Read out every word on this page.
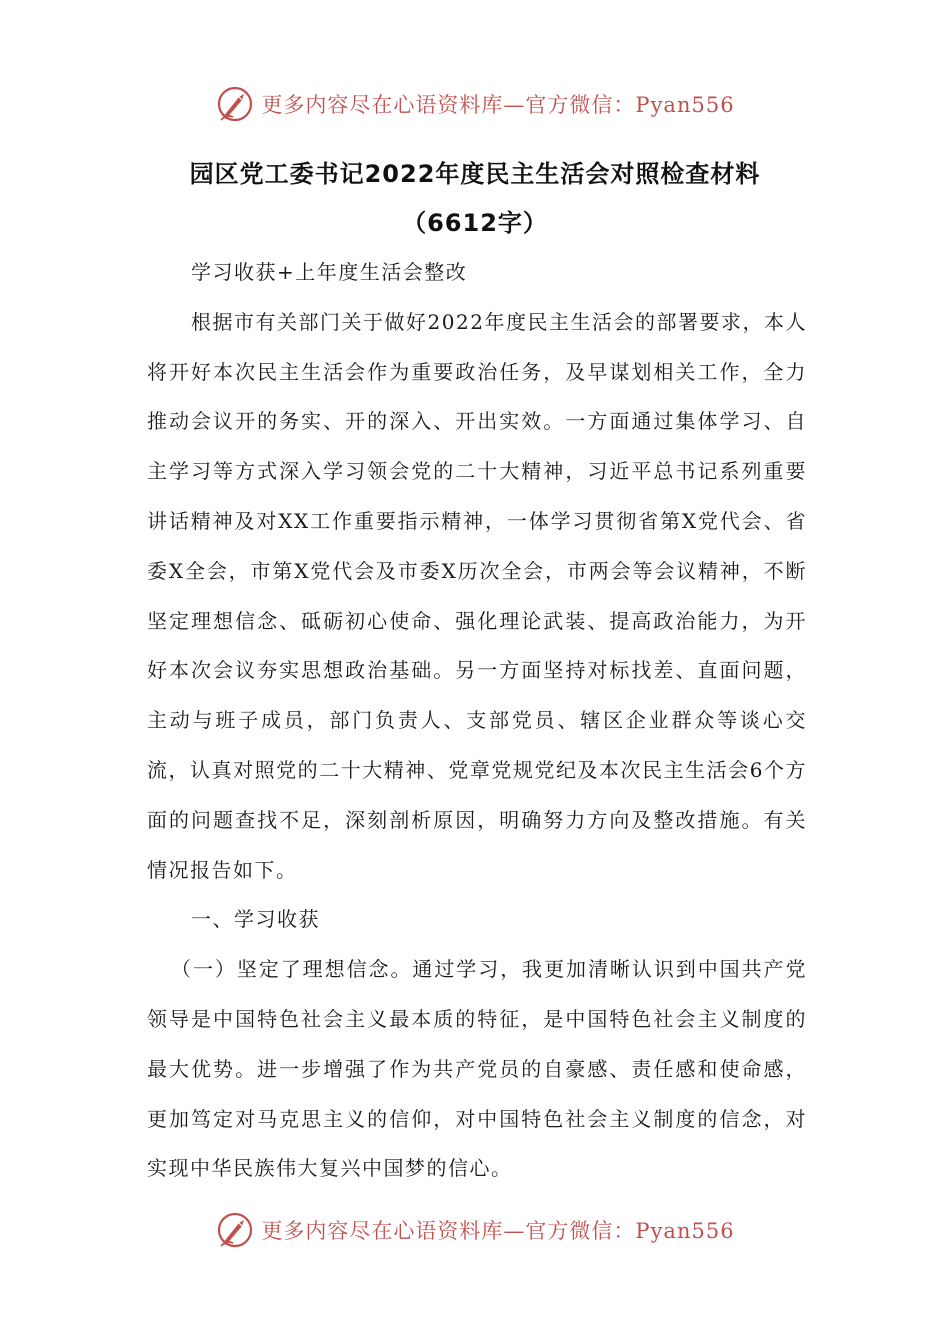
更多内容尽在心语资料库—官方微信：Pyan556
园区党工委书记2022年度民主生活会对照检查材料
（6612字）

学习收获+上年度生活会整改

根据市有关部门关于做好2022年度民主生活会的部署要求，本人将开好本次民主生活会作为重要政治任务，及早谋划相关工作，全力推动会议开的务实、开的深入、开出实效。一方面通过集体学习、自主学习等方式深入学习领会党的二十大精神，习近平总书记系列重要讲话精神及对XX工作重要指示精神，一体学习贯彻省第X党代会、省委X全会，市第X党代会及市委X历次全会，市两会等会议精神，不断坚定理想信念、砥砺初心使命、强化理论武装、提高政治能力，为开好本次会议夯实思想政治基础。另一方面坚持对标找差、直面问题，主动与班子成员，部门负责人、支部党员、辖区企业群众等谈心交流，认真对照党的二十大精神、党章党规党纪及本次民主生活会6个方面的问题查找不足，深刻剖析原因，明确努力方向及整改措施。有关情况报告如下。

一、学习收获

（一）坚定了理想信念。通过学习，我更加清晰认识到中国共产党领导是中国特色社会主义最本质的特征，是中国特色社会主义制度的最大优势。进一步增强了作为共产党员的自豪感、责任感和使命感，更加笃定对马克思主义的信仰，对中国特色社会主义制度的信念，对实现中华民族伟大复兴中国梦的信心。

更多内容尽在心语资料库—官方微信：Pyan556
